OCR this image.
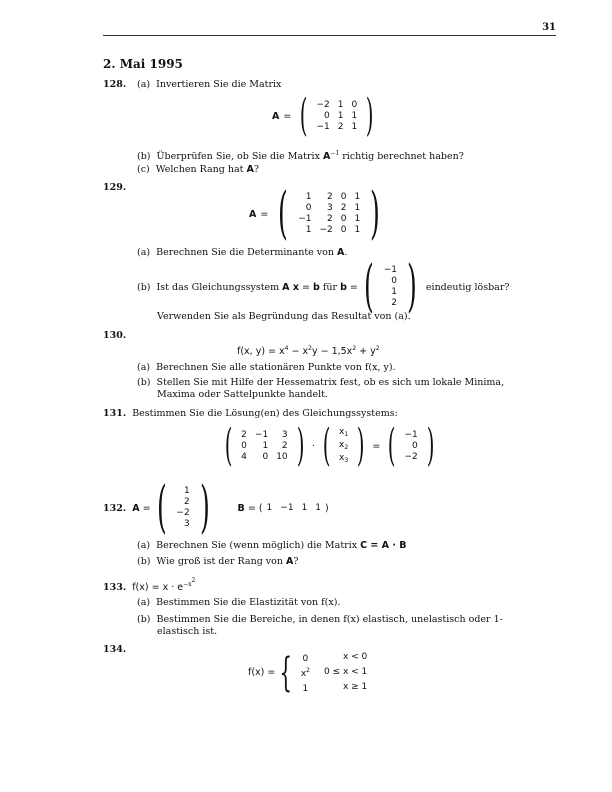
31
2. Mai 1995
128. (a) Invertieren Sie die Matrix
A = ( −2	1	0
0	1	1
−1	2	1 )
(b) Überprüfen Sie, ob Sie die Matrix $A^{-1}$ richtig berechnet haben?
(c) Welchen Rang hat A?
129.
A = ( 1	2	0	1
0	3	2	1
−1	2	0	1
1	−2	0	1 )
(a) Berechnen Sie die Determinante von A.
(b)
Ist das Gleichungssystem
A x
=
b
für
b
= ( −1
0
1
2 )
eindeutig lösbar?
Verwenden Sie als Begründung das Resultat von (a).
130.
f(x, $y) = x^4 - x^2y - 1,5x^2 + y^2$
(a) Berechnen Sie alle stationären Punkte von f(x, y).
(b) Stellen Sie mit Hilfe der Hessematrix fest, ob es sich um lokale Minima,
Maxima oder Sattelpunkte handelt.
131. Bestimmen Sie die Lösung(en) des Gleichungssystems:
( 2	−1	3
0	1	2
4	0	10 ) · ( $x_1$
$x_2$
$x_3$ ) = ( −1
0
−2 )
132.
A
= ( 1
2
−2
3 )	B
=
( 1	−1	1	1 )
(a) Berechnen Sie (wenn möglich) die Matrix C = A · B
(b) Wie groß ist der Rang von A?
133. $f(x) = x \cdot e^{-x^2}$
(a) Bestimmen Sie die Elastizität von f(x).
(b) Bestimmen Sie die Bereiche, in denen f(x) elastisch, unelastisch oder 1-
elastisch ist.
134.
f(x) = { 0	x < 0
$x^2$	0 ≤ x < 1
1	x ≥ 1
